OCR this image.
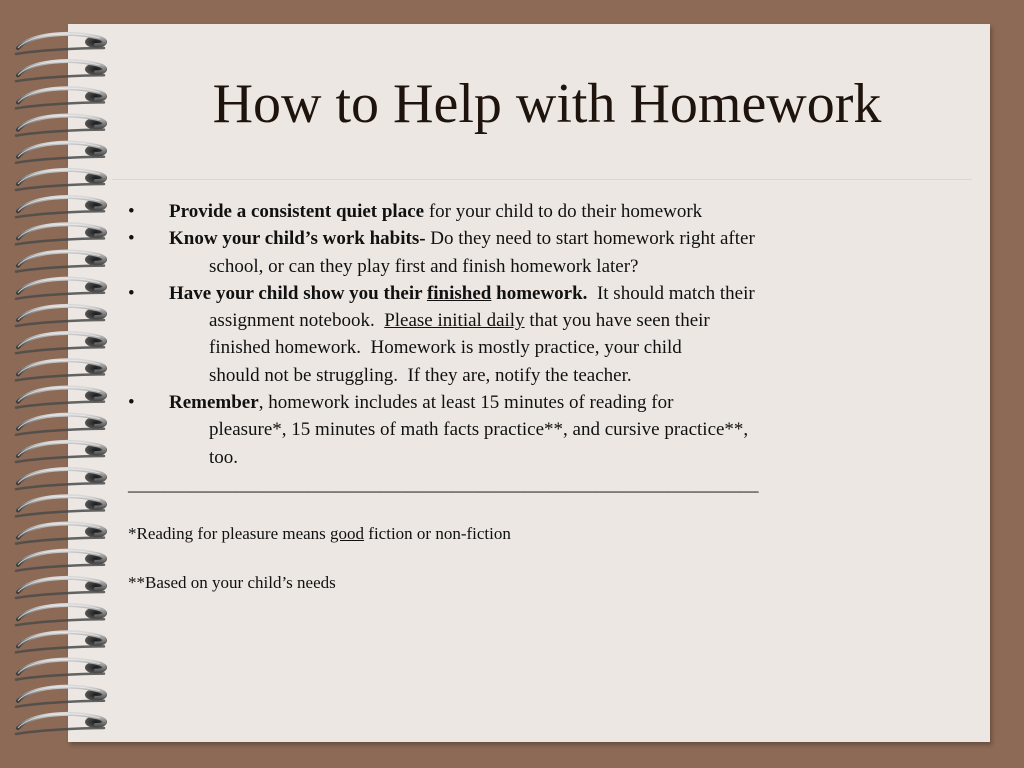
How to Help with Homework
•	Provide a consistent quiet place for your child to do their homework
•	Know your child’s work habits- Do they need to start homework right after
school, or can they play first and finish homework later?
•	Have your child show you their finished homework.  It should match their
assignment notebook.  Please initial daily that you have seen their
finished homework.  Homework is mostly practice, your child
should not be struggling.  If they are, notify the teacher.
•	Remember, homework includes at least 15 minutes of reading for
pleasure*, 15 minutes of math facts practice**, and cursive practice**,
too.
______________________________________________________________________
*Reading for pleasure means good fiction or non-fiction
**Based on your child’s needs
